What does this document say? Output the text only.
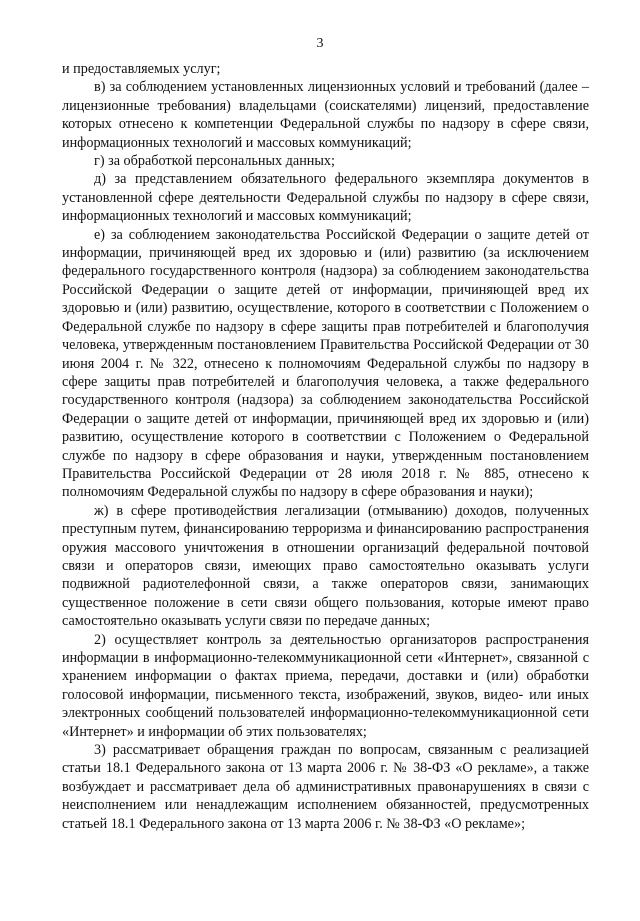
3

и предоставляемых услуг;

в) за соблюдением установленных лицензионных условий и требований (далее – лицензионные требования) владельцами (соискателями) лицензий, предоставление которых отнесено к компетенции Федеральной службы по надзору в сфере связи, информационных технологий и массовых коммуникаций;

г) за обработкой персональных данных;

д) за представлением обязательного федерального экземпляра документов в установленной сфере деятельности Федеральной службы по надзору в сфере связи, информационных технологий и массовых коммуникаций;

е) за соблюдением законодательства Российской Федерации о защите детей от информации, причиняющей вред их здоровью и (или) развитию (за исключением федерального государственного контроля (надзора) за соблюдением законодательства Российской Федерации о защите детей от информации, причиняющей вред их здоровью и (или) развитию, осуществление, которого в соответствии с Положением о Федеральной службе по надзору в сфере защиты прав потребителей и благополучия человека, утвержденным постановлением Правительства Российской Федерации от 30 июня 2004 г. № 322, отнесено к полномочиям Федеральной службы по надзору в сфере защиты прав потребителей и благополучия человека, а также федерального государственного контроля (надзора) за соблюдением законодательства Российской Федерации о защите детей от информации, причиняющей вред их здоровью и (или) развитию, осуществление которого в соответствии с Положением о Федеральной службе по надзору в сфере образования и науки, утвержденным постановлением Правительства Российской Федерации от 28 июля 2018 г. № 885, отнесено к полномочиям Федеральной службы по надзору в сфере образования и науки);

ж) в сфере противодействия легализации (отмыванию) доходов, полученных преступным путем, финансированию терроризма и финансированию распространения оружия массового уничтожения в отношении организаций федеральной почтовой связи и операторов связи, имеющих право самостоятельно оказывать услуги подвижной радиотелефонной связи, а также операторов связи, занимающих существенное положение в сети связи общего пользования, которые имеют право самостоятельно оказывать услуги связи по передаче данных;

2) осуществляет контроль за деятельностью организаторов распространения информации в информационно-телекоммуникационной сети «Интернет», связанной с хранением информации о фактах приема, передачи, доставки и (или) обработки голосовой информации, письменного текста, изображений, звуков, видео- или иных электронных сообщений пользователей информационно-телекоммуникационной сети «Интернет» и информации об этих пользователях;

3) рассматривает обращения граждан по вопросам, связанным с реализацией статьи 18.1 Федерального закона от 13 марта 2006 г. № 38-ФЗ «О рекламе», а также возбуждает и рассматривает дела об административных правонарушениях в связи с неисполнением или ненадлежащим исполнением обязанностей, предусмотренных статьей 18.1 Федерального закона от 13 марта 2006 г. № 38-ФЗ «О рекламе»;
